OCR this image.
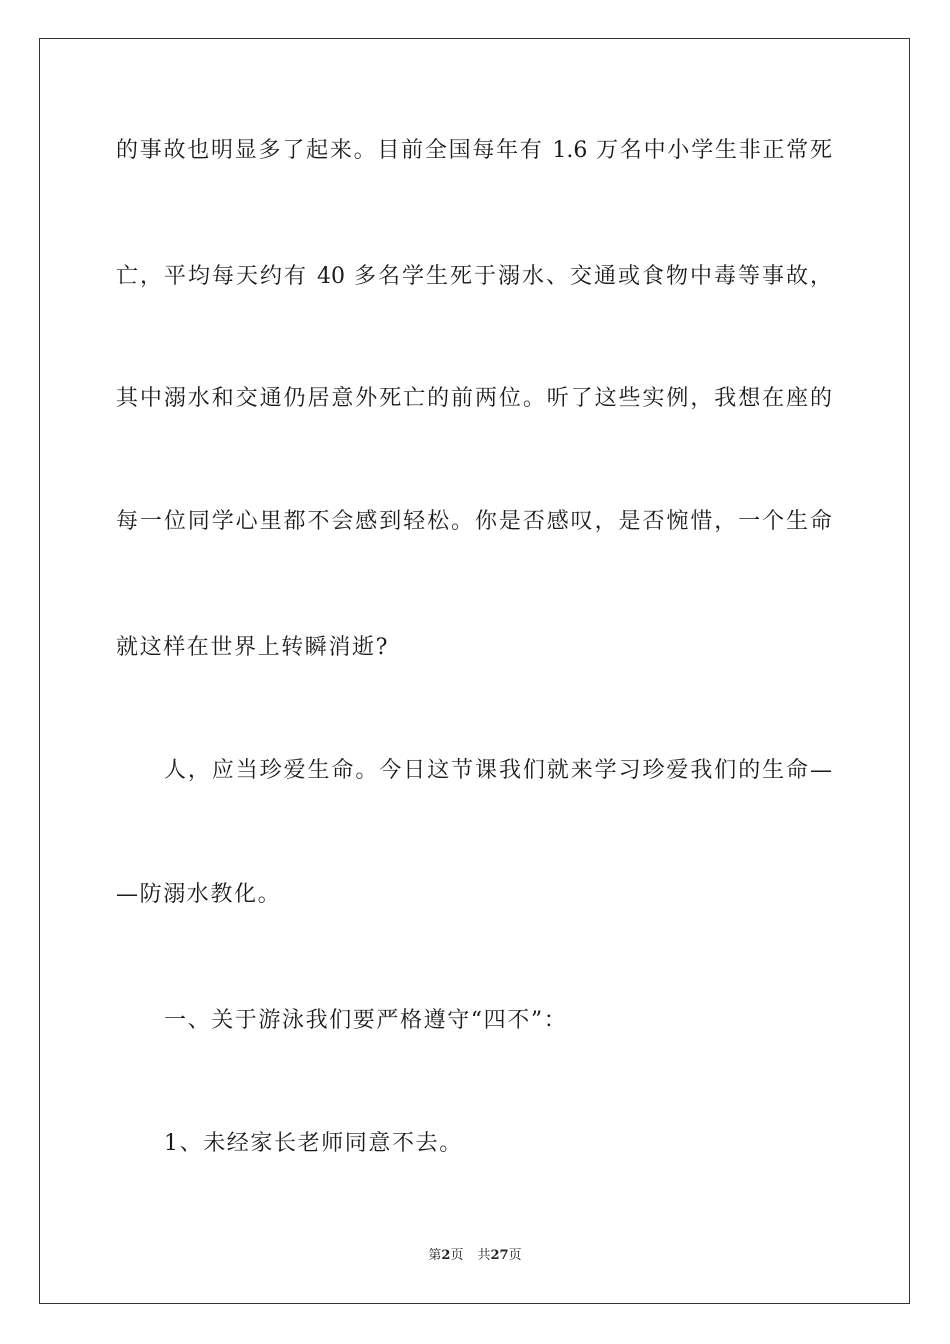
的事故也明显多了起来。目前全国每年有 1.6 万名中小学生非正常死
亡，平均每天约有 40 多名学生死于溺水、交通或食物中毒等事故，
其中溺水和交通仍居意外死亡的前两位。听了这些实例，我想在座的
每一位同学心里都不会感到轻松。你是否感叹，是否惋惜，一个生命
就这样在世界上转瞬消逝?
人，应当珍爱生命。今日这节课我们就来学习珍爱我们的生命—
—防溺水教化。
一、关于游泳我们要严格遵守“四不”：
1、未经家长老师同意不去。
第2页 共27页
